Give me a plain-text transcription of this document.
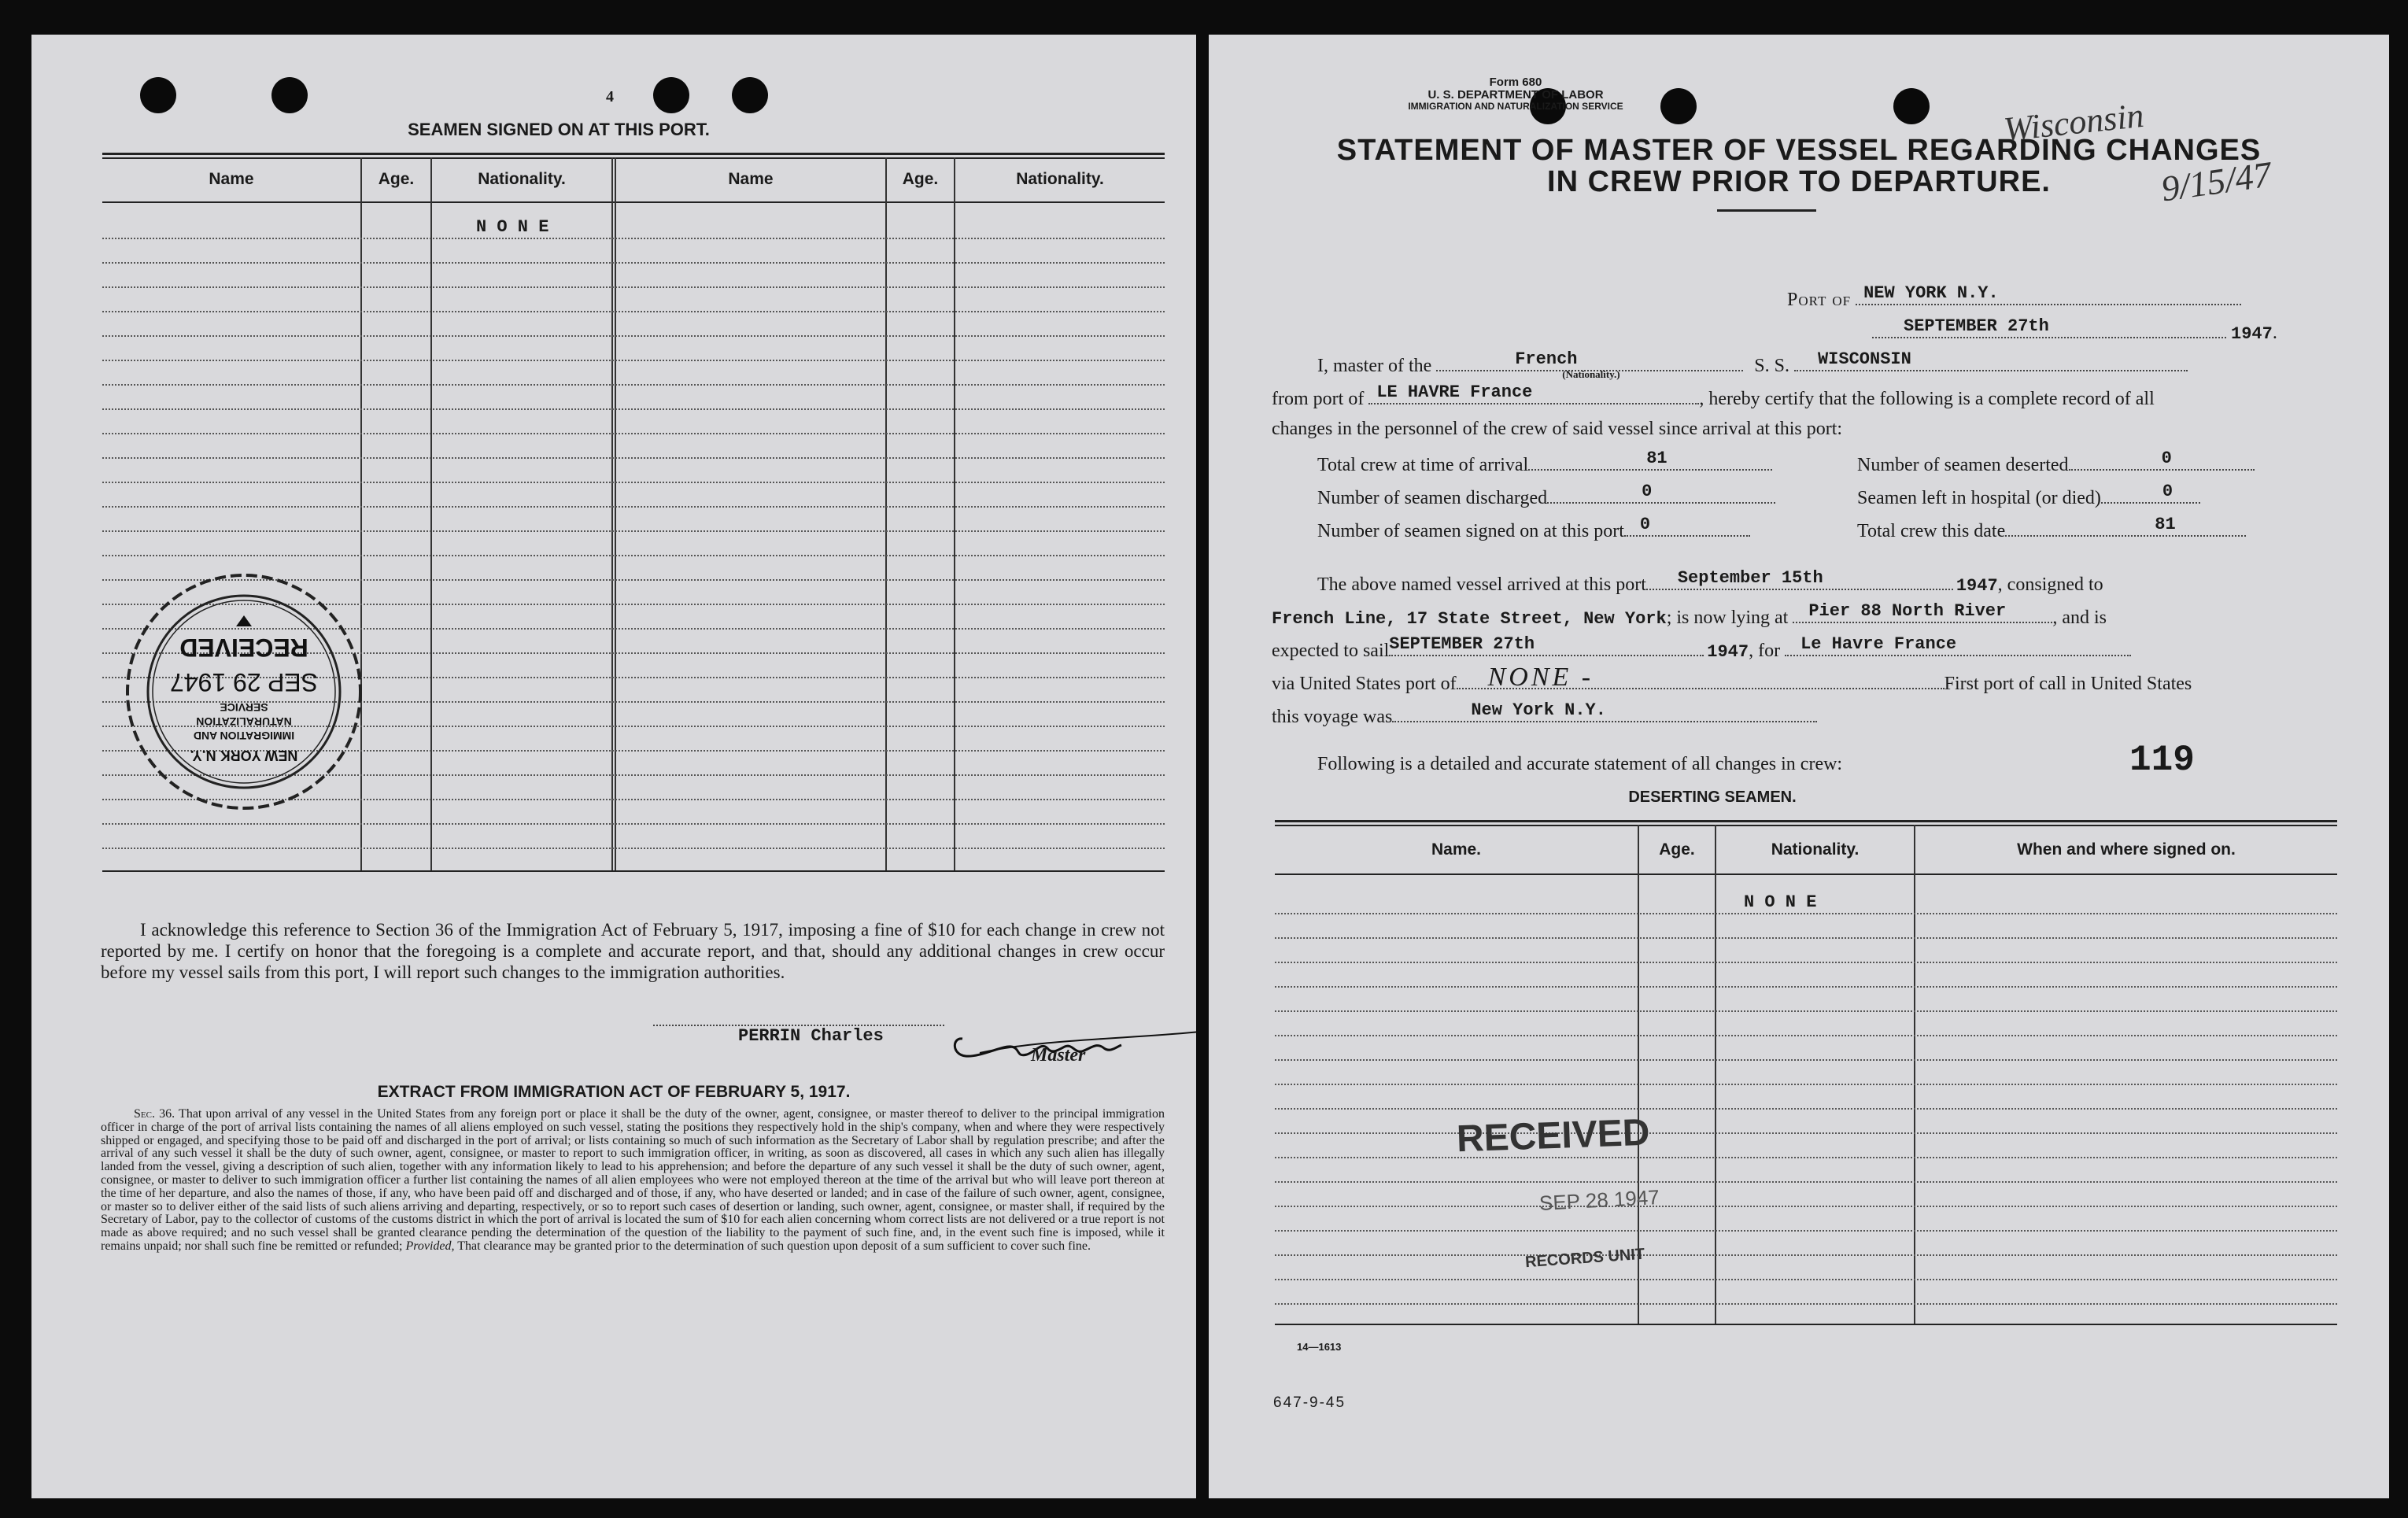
4
SEAMEN SIGNED ON AT THIS PORT.
Name	Age.	Nationality.	Name	Age.	Nationality.
N O N E
NEW YORK N.Y.
IMMIGRATION AND
NATURALIZATION
SERVICE
SEP 29 1947
RECEIVED
I acknowledge this reference to Section 36 of the Immigration Act of February 5, 1917, imposing a fine of $10 for each change in crew not reported by me. I certify on honor that the foregoing is a complete and accurate report, and that, should any additional changes in crew occur before my vessel sails from this port, I will report such changes to the immigration authorities.
PERRIN Charles
Master
EXTRACT FROM IMMIGRATION ACT OF FEBRUARY 5, 1917.
Sec. 36. That upon arrival of any vessel in the United States from any foreign port or place it shall be the duty of the owner, agent, consignee, or master thereof to deliver to the principal immigration officer in charge of the port of arrival lists containing the names of all aliens employed on such vessel, stating the positions they respectively hold in the ship's company, when and where they were respectively shipped or engaged, and specifying those to be paid off and discharged in the port of arrival; or lists containing so much of such information as the Secretary of Labor shall by regulation prescribe; and after the arrival of any such vessel it shall be the duty of such owner, agent, consignee, or master to report to such immigration officer, in writing, as soon as discovered, all cases in which any such alien has illegally landed from the vessel, giving a description of such alien, together with any information likely to lead to his apprehension; and before the departure of any such vessel it shall be the duty of such owner, agent, consignee, or master to deliver to such immigration officer a further list containing the names of all alien employees who were not employed thereon at the time of the arrival but who will leave port thereon at the time of her departure, and also the names of those, if any, who have been paid off and discharged and of those, if any, who have deserted or landed; and in case of the failure of such owner, agent, consignee, or master so to deliver either of the said lists of such aliens arriving and departing, respectively, or so to report such cases of desertion or landing, such owner, agent, consignee, or master shall, if required by the Secretary of Labor, pay to the collector of customs of the customs district in which the port of arrival is located the sum of $10 for each alien concerning whom correct lists are not delivered or a true report is not made as above required; and no such vessel shall be granted clearance pending the determination of the question of the liability to the payment of such fine, and, in the event such fine is imposed, while it remains unpaid; nor shall such fine be remitted or refunded; Provided, That clearance may be granted prior to the determination of such question upon deposit of a sum sufficient to cover such fine.
Form 680
U. S. DEPARTMENT OF LABOR
IMMIGRATION AND NATURALIZATION SERVICE
STATEMENT OF MASTER OF VESSEL REGARDING CHANGES
IN CREW PRIOR TO DEPARTURE.
Wisconsin
9/15/47
Port of NEW YORK N.Y.
SEPTEMBER 27th	1947.
I, master of the	French
(Nationality.)	S. S. WISCONSIN
from port of LE HAVRE France	, hereby certify that the following is a complete record of all
changes in the personnel of the crew of said vessel since arrival at this port:
Total crew at time of arrival	81	Number of seamen deserted	0
Number of seamen discharged	0	Seamen left in hospital (or died)	0
Number of seamen signed on at this port 0	Total crew this date	81
The above named vessel arrived at this port September 15th	1947, consigned to
French Line, 17 State Street, New York; is now lying at Pier 88 North River , and is
expected to sail SEPTEMBER 27th	1947, for Le Havre France
via United States port of NONE -	First port of call in United States
this voyage was	New York N.Y.
Following is a detailed and accurate statement of all changes in crew:	119
DESERTING SEAMEN.
Name.	Age.	Nationality.	When and where signed on.
N O N E
RECEIVED
SEP 28 1947
RECORDS UNIT
14—1613
647-9-45
